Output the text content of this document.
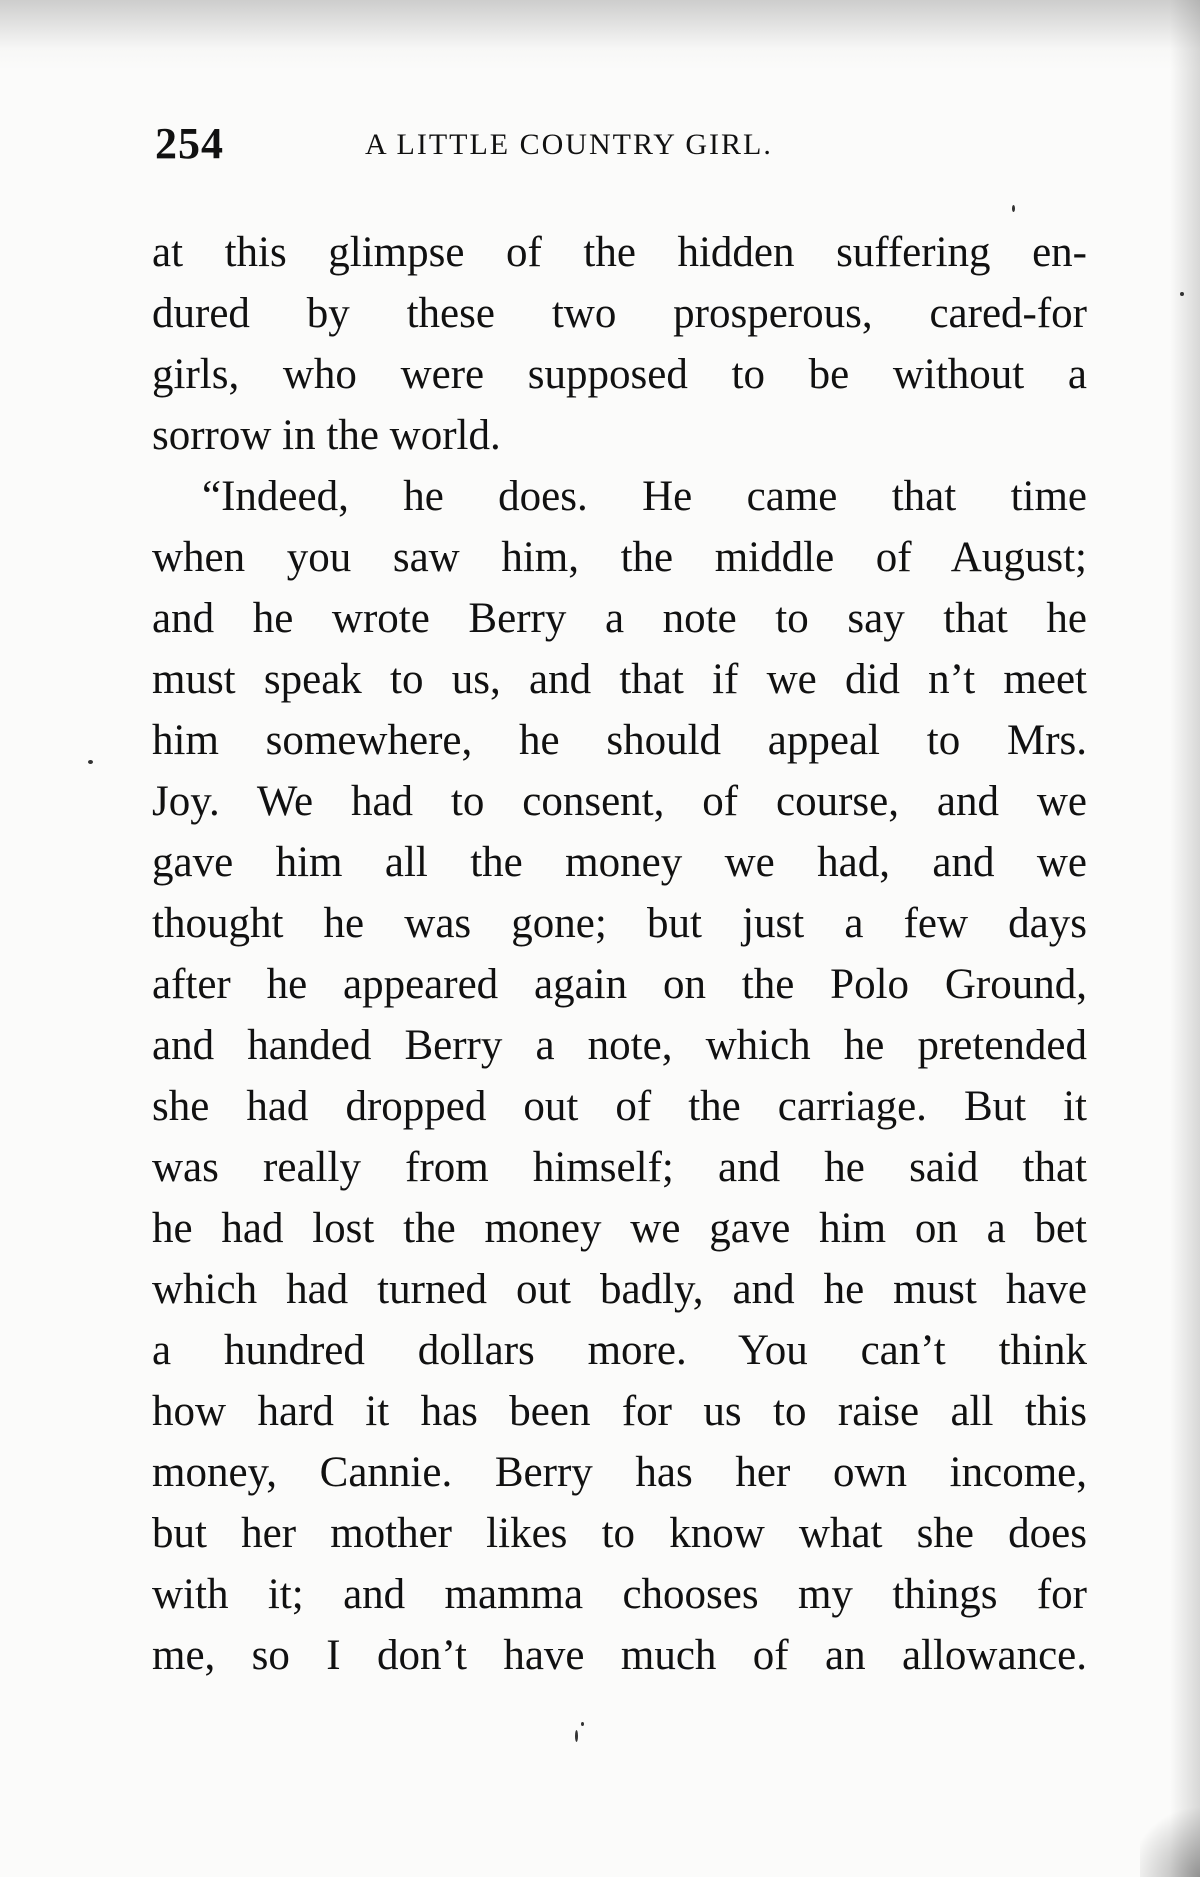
254	A LITTLE COUNTRY GIRL.
at this glimpse of the hidden suffering en-
dured by these two prosperous, cared-for
girls, who were supposed to be without a
sorrow in the world.
“Indeed, he does. He came that time
when you saw him, the middle of August;
and he wrote Berry a note to say that he
must speak to us, and that if we did n’t meet
him somewhere, he should appeal to Mrs.
Joy. We had to consent, of course, and we
gave him all the money we had, and we
thought he was gone; but just a few days
after he appeared again on the Polo Ground,
and handed Berry a note, which he pretended
she had dropped out of the carriage. But it
was really from himself; and he said that
he had lost the money we gave him on a bet
which had turned out badly, and he must have
a hundred dollars more. You can’t think
how hard it has been for us to raise all this
money, Cannie. Berry has her own income,
but her mother likes to know what she does
with it; and mamma chooses my things for
me, so I don’t have much of an allowance.
